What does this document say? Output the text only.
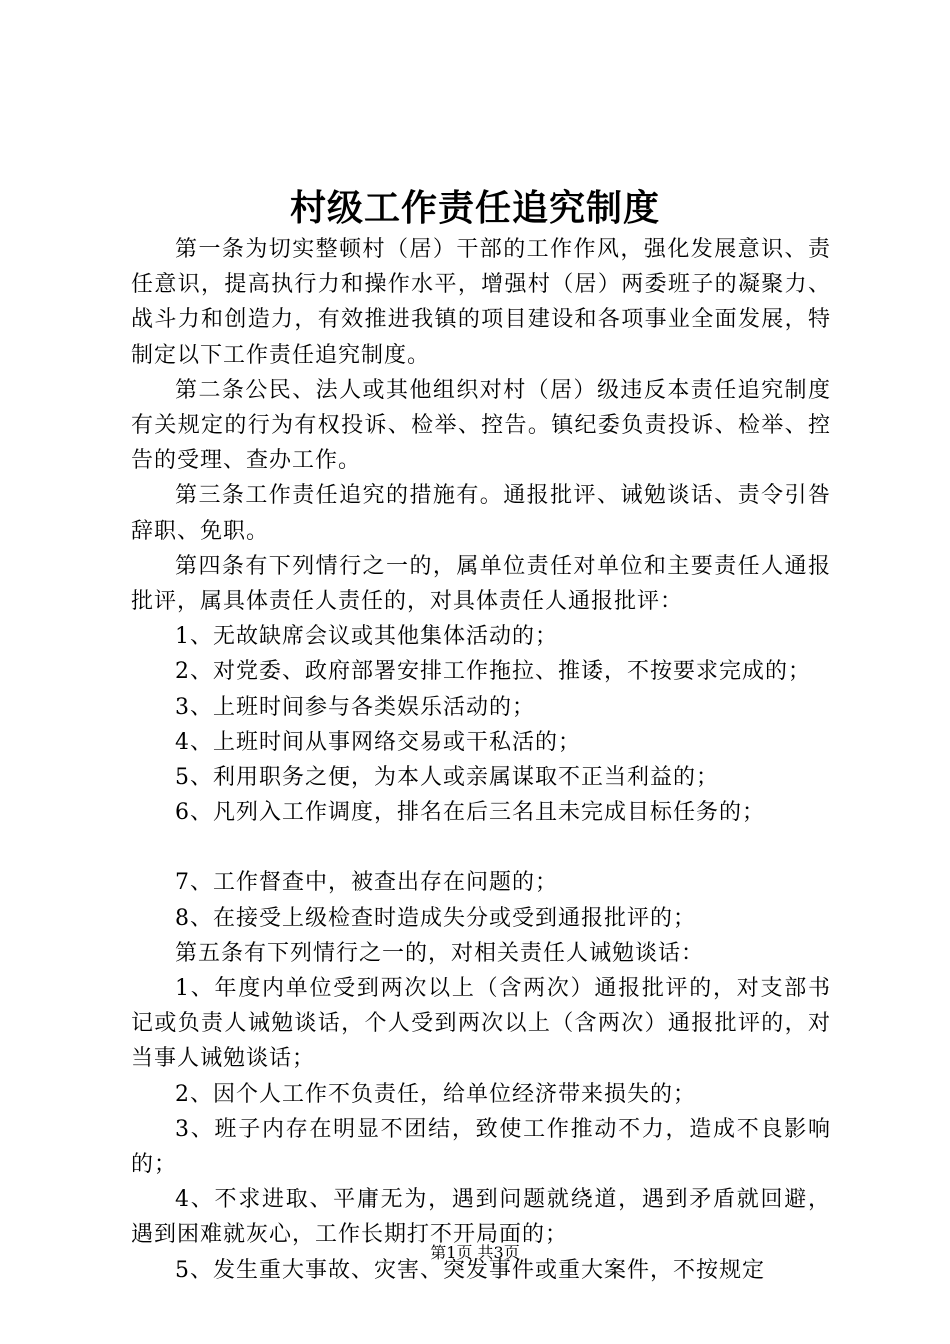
村级工作责任追究制度

第一条为切实整顿村（居）干部的工作作风，强化发展意识、责任意识，提高执行力和操作水平，增强村（居）两委班子的凝聚力、战斗力和创造力，有效推进我镇的项目建设和各项事业全面发展，特制定以下工作责任追究制度。

第二条公民、法人或其他组织对村（居）级违反本责任追究制度有关规定的行为有权投诉、检举、控告。镇纪委负责投诉、检举、控告的受理、查办工作。

第三条工作责任追究的措施有。通报批评、诫勉谈话、责令引咎辞职、免职。

第四条有下列情行之一的，属单位责任对单位和主要责任人通报批评，属具体责任人责任的，对具体责任人通报批评：

1、无故缺席会议或其他集体活动的；

2、对党委、政府部署安排工作拖拉、推诿，不按要求完成的；

3、上班时间参与各类娱乐活动的；

4、上班时间从事网络交易或干私活的；

5、利用职务之便，为本人或亲属谋取不正当利益的；

6、凡列入工作调度，排名在后三名且未完成目标任务的；

7、工作督查中，被查出存在问题的；

8、在接受上级检查时造成失分或受到通报批评的；

第五条有下列情行之一的，对相关责任人诫勉谈话：

1、年度内单位受到两次以上（含两次）通报批评的，对支部书记或负责人诫勉谈话，个人受到两次以上（含两次）通报批评的，对当事人诫勉谈话；

2、因个人工作不负责任，给单位经济带来损失的；

3、班子内存在明显不团结，致使工作推动不力，造成不良影响的；

4、不求进取、平庸无为，遇到问题就绕道，遇到矛盾就回避，遇到困难就灰心，工作长期打不开局面的；

5、发生重大事故、灾害、突发事件或重大案件，不按规定

第1页 共3页
